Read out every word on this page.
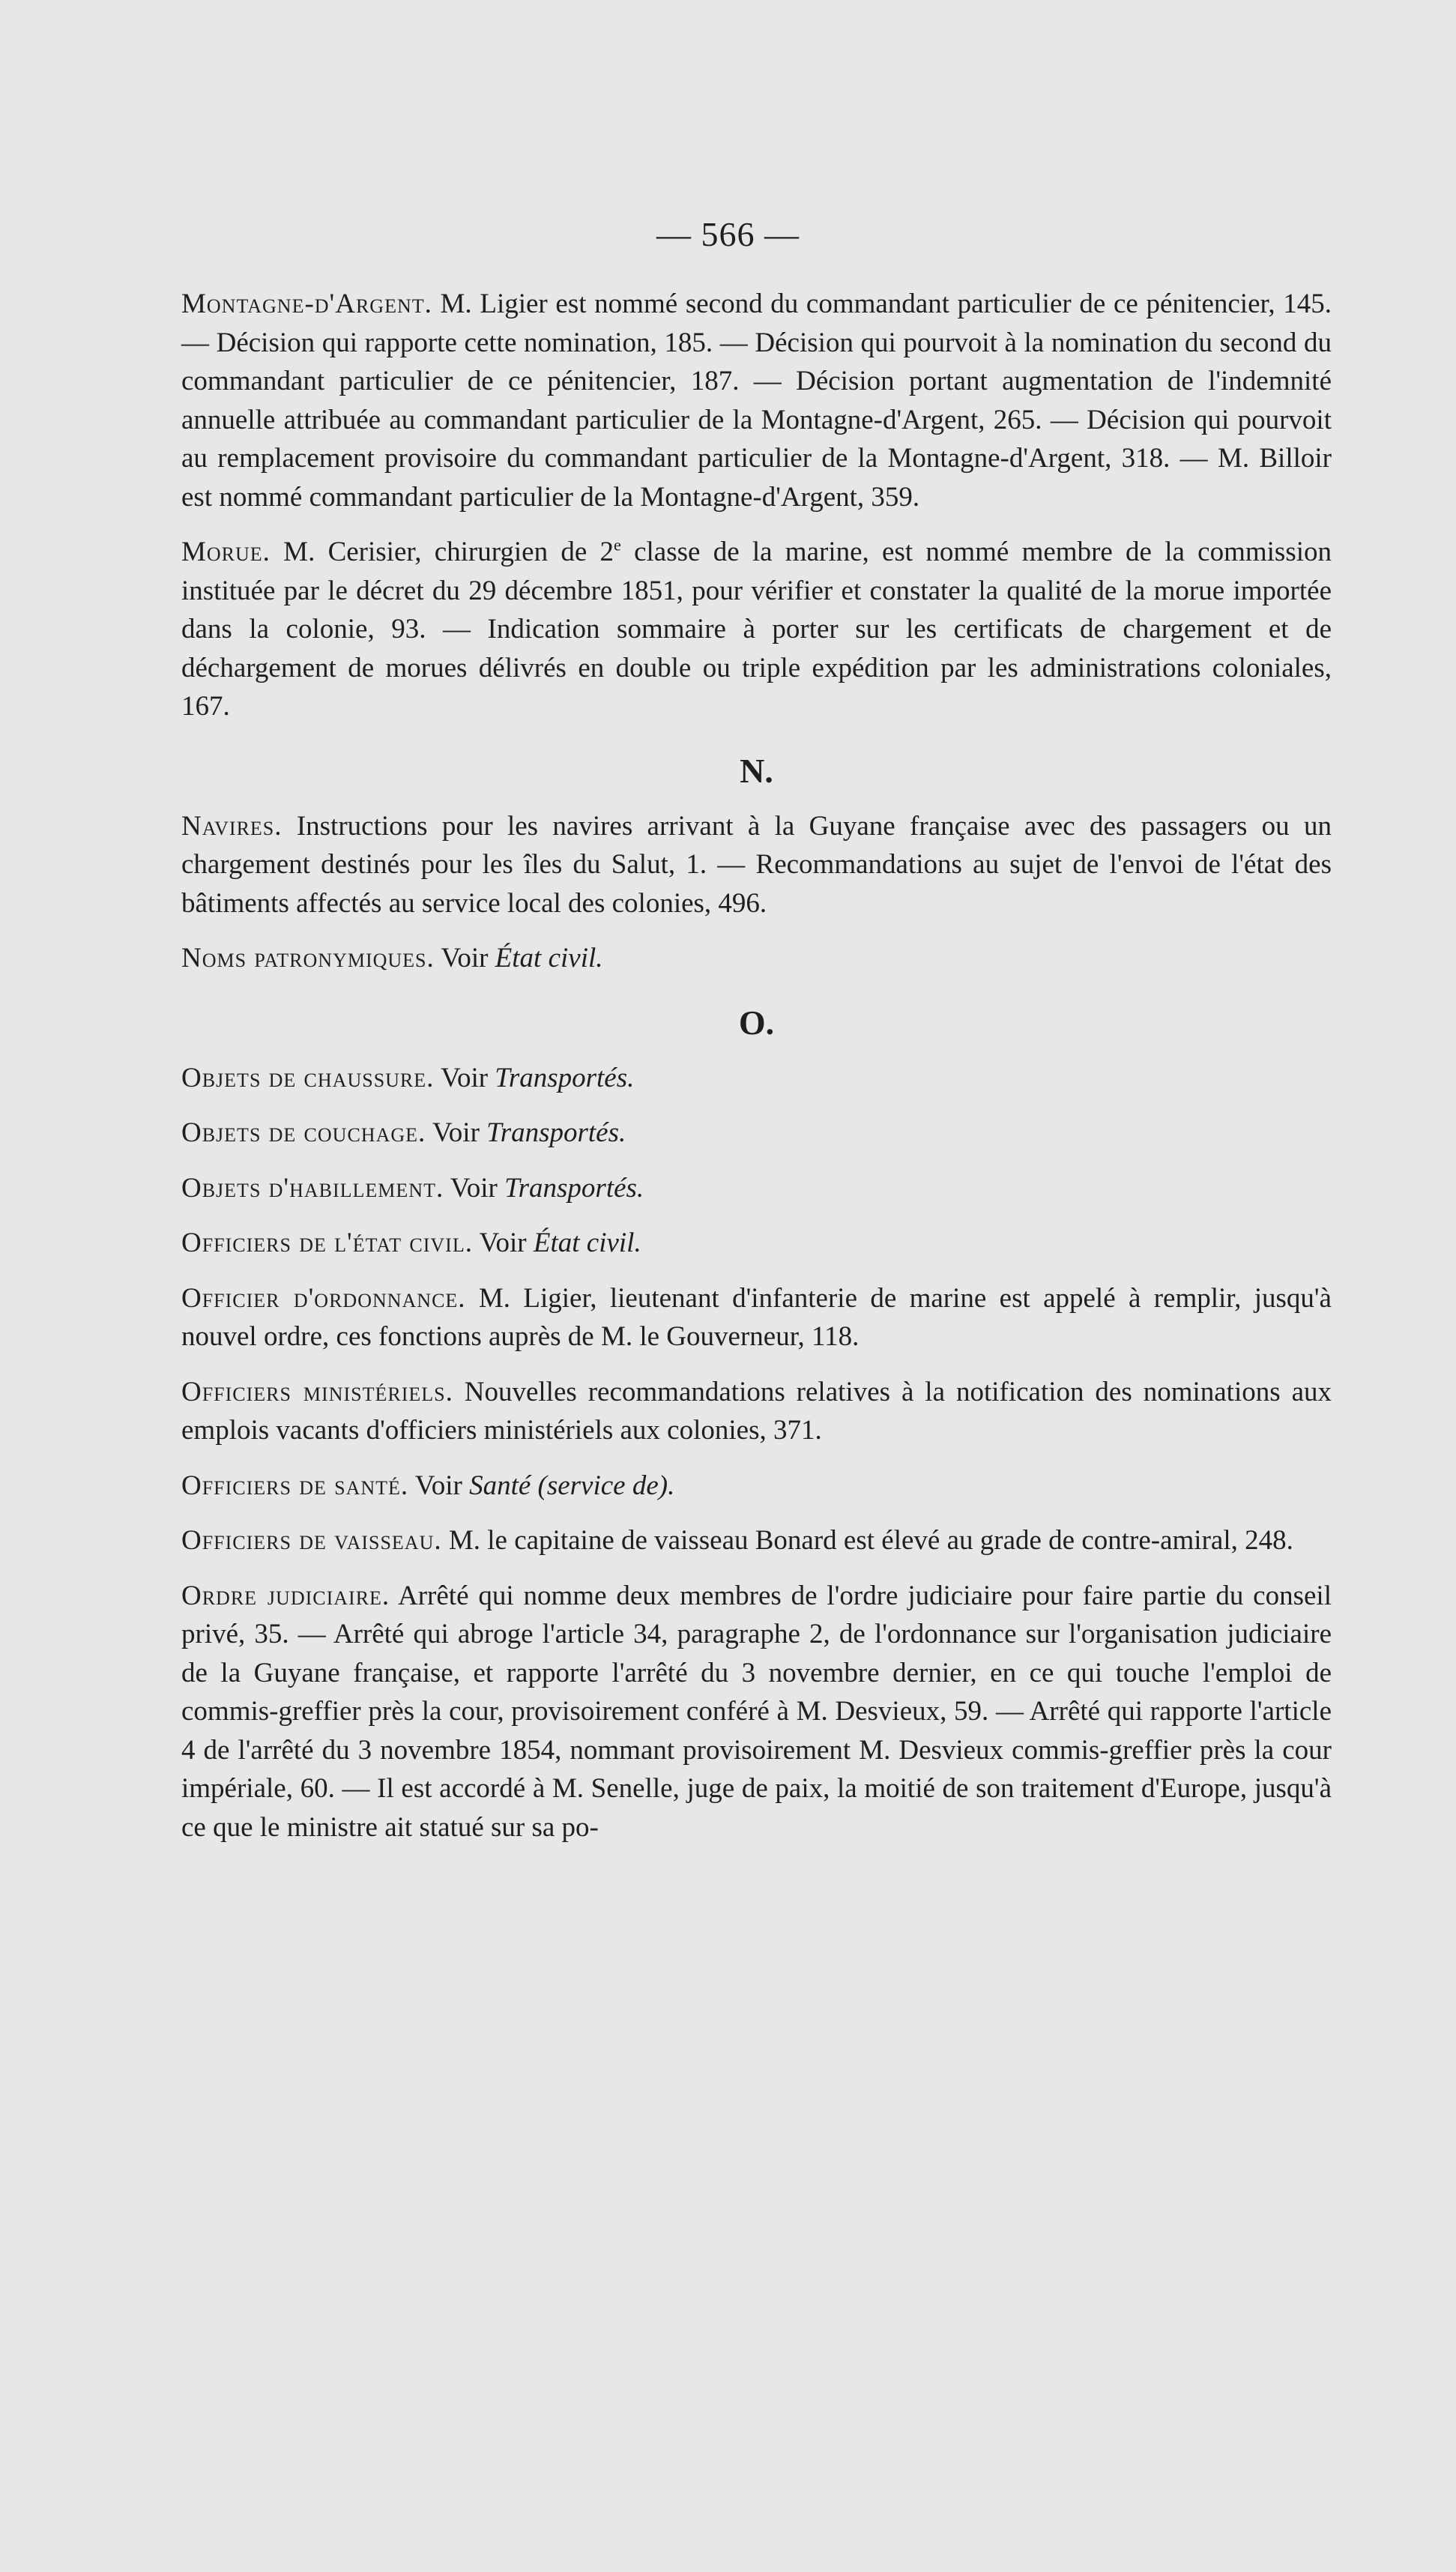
— 566 —
Montagne-d'Argent. M. Ligier est nommé second du commandant particulier de ce pénitencier, 145. — Décision qui rapporte cette nomination, 185. — Décision qui pourvoit à la nomination du second du commandant particulier de ce pénitencier, 187. — Décision portant augmentation de l'indemnité annuelle attribuée au commandant particulier de la Montagne-d'Argent, 265. — Décision qui pourvoit au remplacement provisoire du commandant particulier de la Montagne-d'Argent, 318. — M. Billoir est nommé commandant particulier de la Montagne-d'Argent, 359.
Morue. M. Cerisier, chirurgien de 2e classe de la marine, est nommé membre de la commission instituée par le décret du 29 décembre 1851, pour vérifier et constater la qualité de la morue importée dans la colonie, 93. — Indication sommaire à porter sur les certificats de chargement et de déchargement de morues délivrés en double ou triple expédition par les administrations coloniales, 167.
N.
Navires. Instructions pour les navires arrivant à la Guyane française avec des passagers ou un chargement destinés pour les îles du Salut, 1. — Recommandations au sujet de l'envoi de l'état des bâtiments affectés au service local des colonies, 496.
Noms patronymiques. Voir État civil.
O.
Objets de chaussure. Voir Transportés.
Objets de couchage. Voir Transportés.
Objets d'habillement. Voir Transportés.
Officiers de l'état civil. Voir État civil.
Officier d'ordonnance. M. Ligier, lieutenant d'infanterie de marine est appelé à remplir, jusqu'à nouvel ordre, ces fonctions auprès de M. le Gouverneur, 118.
Officiers ministériels. Nouvelles recommandations relatives à la notification des nominations aux emplois vacants d'officiers ministériels aux colonies, 371.
Officiers de santé. Voir Santé (service de).
Officiers de vaisseau. M. le capitaine de vaisseau Bonard est élevé au grade de contre-amiral, 248.
Ordre judiciaire. Arrêté qui nomme deux membres de l'ordre judiciaire pour faire partie du conseil privé, 35. — Arrêté qui abroge l'article 34, paragraphe 2, de l'ordonnance sur l'organisation judiciaire de la Guyane française, et rapporte l'arrêté du 3 novembre dernier, en ce qui touche l'emploi de commis-greffier près la cour, provisoirement conféré à M. Desvieux, 59. — Arrêté qui rapporte l'article 4 de l'arrêté du 3 novembre 1854, nommant provisoirement M. Desvieux commis-greffier près la cour impériale, 60. — Il est accordé à M. Senelle, juge de paix, la moitié de son traitement d'Europe, jusqu'à ce que le ministre ait statué sur sa po-
